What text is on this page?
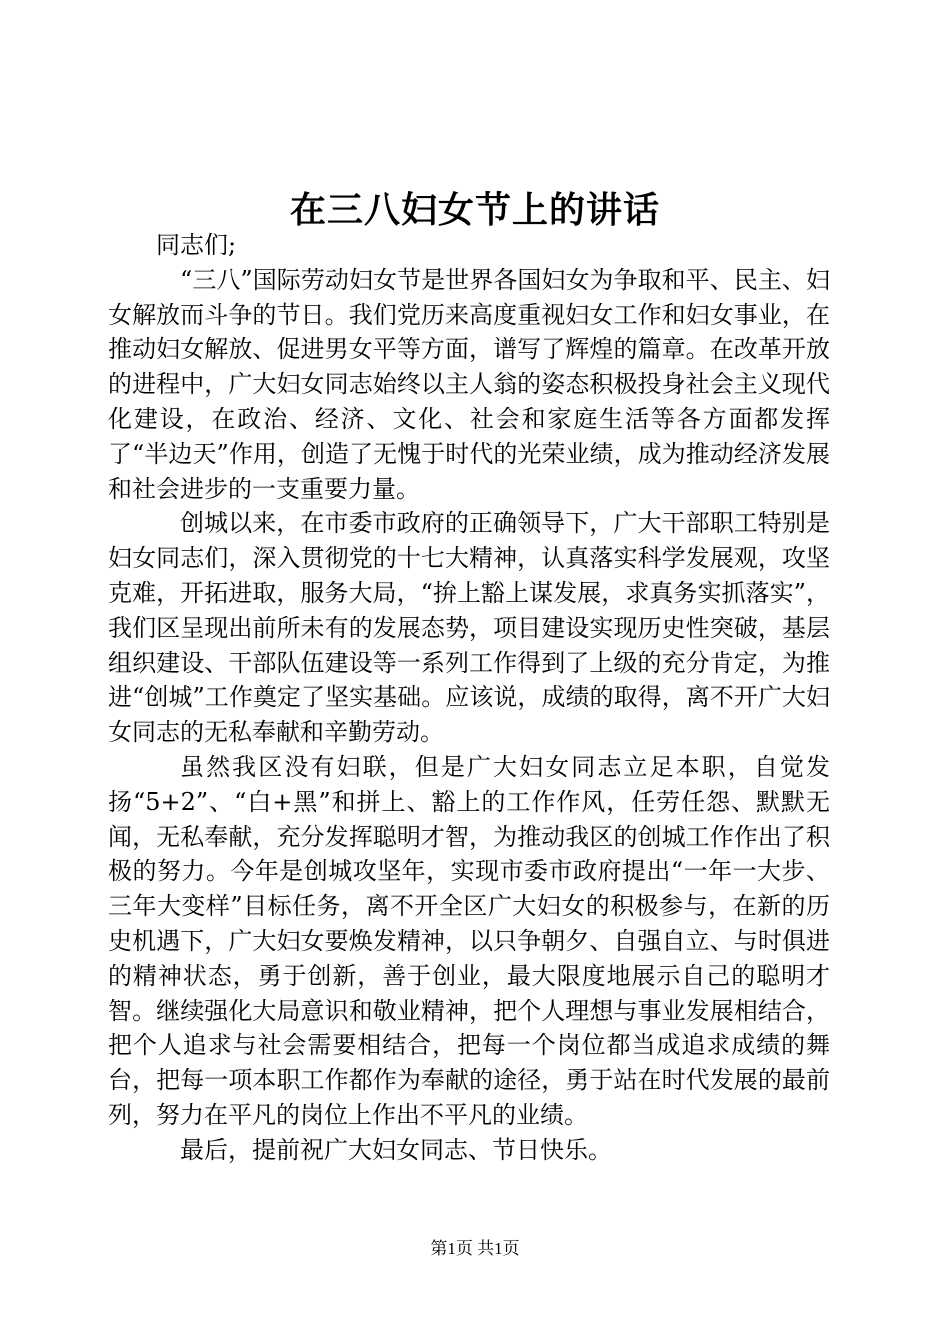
在三八妇女节上的讲话

同志们;

“三八”国际劳动妇女节是世界各国妇女为争取和平、民主、妇女解放而斗争的节日。我们党历来高度重视妇女工作和妇女事业，在推动妇女解放、促进男女平等方面，谱写了辉煌的篇章。在改革开放的进程中，广大妇女同志始终以主人翁的姿态积极投身社会主义现代化建设，在政治、经济、文化、社会和家庭生活等各方面都发挥了“半边天”作用，创造了无愧于时代的光荣业绩，成为推动经济发展和社会进步的一支重要力量。

创城以来，在市委市政府的正确领导下，广大干部职工特别是妇女同志们，深入贯彻党的十七大精神，认真落实科学发展观，攻坚克难，开拓进取，服务大局，“拚上豁上谋发展，求真务实抓落实”，我们区呈现出前所未有的发展态势，项目建设实现历史性突破，基层组织建设、干部队伍建设等一系列工作得到了上级的充分肯定，为推进“创城”工作奠定了坚实基础。应该说，成绩的取得，离不开广大妇女同志的无私奉献和辛勤劳动。

虽然我区没有妇联，但是广大妇女同志立足本职，自觉发扬“5+2”、“白+黑”和拼上、豁上的工作作风，任劳任怨、默默无闻，无私奉献，充分发挥聪明才智，为推动我区的创城工作作出了积极的努力。今年是创城攻坚年，实现市委市政府提出“一年一大步、三年大变样”目标任务，离不开全区广大妇女的积极参与，在新的历史机遇下，广大妇女要焕发精神，以只争朝夕、自强自立、与时俱进的精神状态，勇于创新，善于创业，最大限度地展示自己的聪明才智。继续强化大局意识和敬业精神，把个人理想与事业发展相结合，把个人追求与社会需要相结合，把每一个岗位都当成追求成绩的舞台，把每一项本职工作都作为奉献的途径，勇于站在时代发展的最前列，努力在平凡的岗位上作出不平凡的业绩。

最后，提前祝广大妇女同志、节日快乐。

第1页 共1页
